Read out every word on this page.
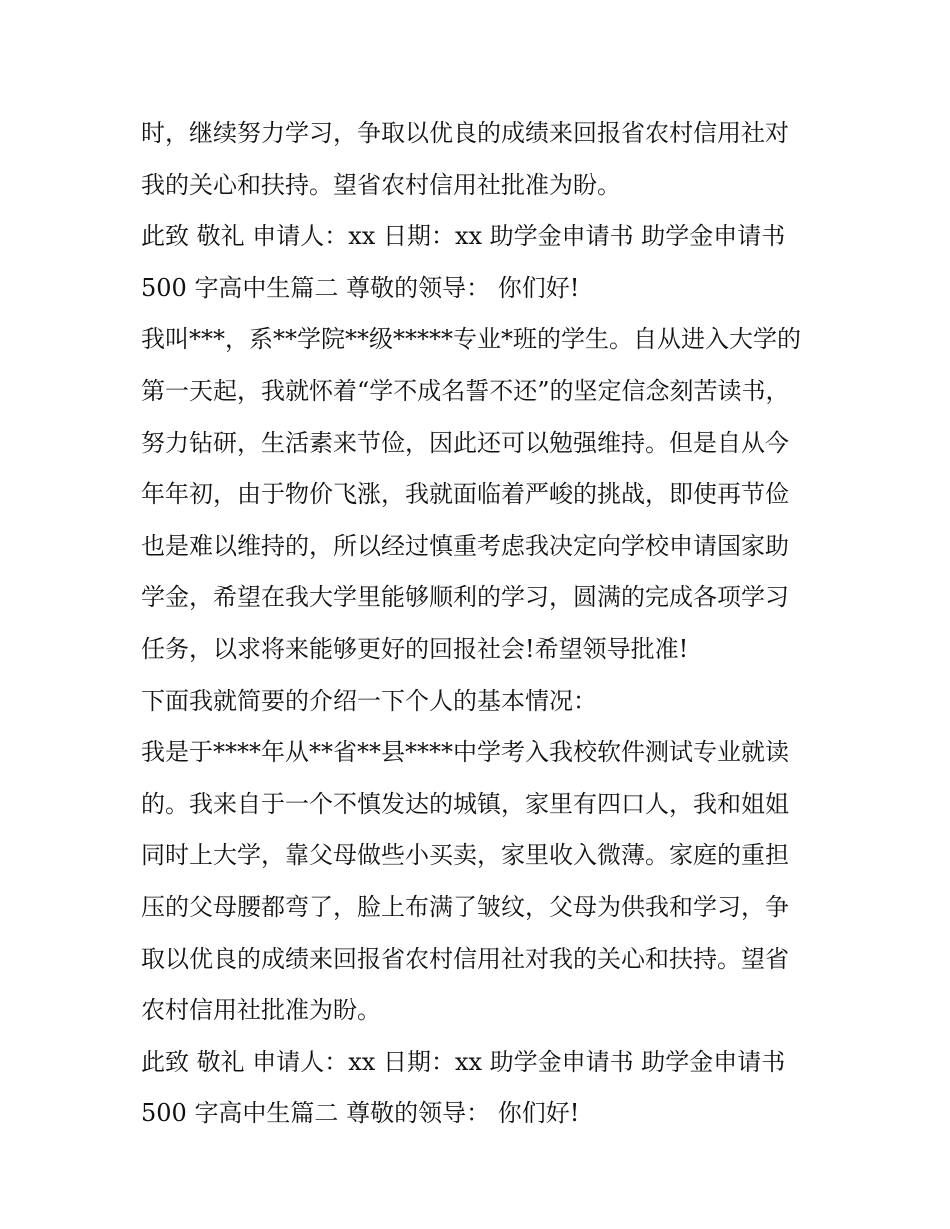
时，继续努力学习，争取以优良的成绩来回报省农村信用社对

我的关心和扶持。望省农村信用社批准为盼。

此致 敬礼 申请人：xx 日期：xx 助学金申请书 助学金申请书

500 字高中生篇二 尊敬的领导： 你们好!

我叫***，系**学院**级*****专业*班的学生。自从进入大学的

第一天起，我就怀着“学不成名誓不还”的坚定信念刻苦读书，

努力钻研，生活素来节俭，因此还可以勉强维持。但是自从今

年年初，由于物价飞涨，我就面临着严峻的挑战，即使再节俭

也是难以维持的，所以经过慎重考虑我决定向学校申请国家助

学金，希望在我大学里能够顺利的学习，圆满的完成各项学习

任务，以求将来能够更好的回报社会!希望领导批准!

下面我就简要的介绍一下个人的基本情况：

我是于****年从**省**县****中学考入我校软件测试专业就读

的。我来自于一个不慎发达的城镇，家里有四口人，我和姐姐

同时上大学，靠父母做些小买卖，家里收入微薄。家庭的重担

压的父母腰都弯了，脸上布满了皱纹，父母为供我和学习，争

取以优良的成绩来回报省农村信用社对我的关心和扶持。望省

农村信用社批准为盼。

此致 敬礼 申请人：xx 日期：xx 助学金申请书 助学金申请书

500 字高中生篇二 尊敬的领导： 你们好!
